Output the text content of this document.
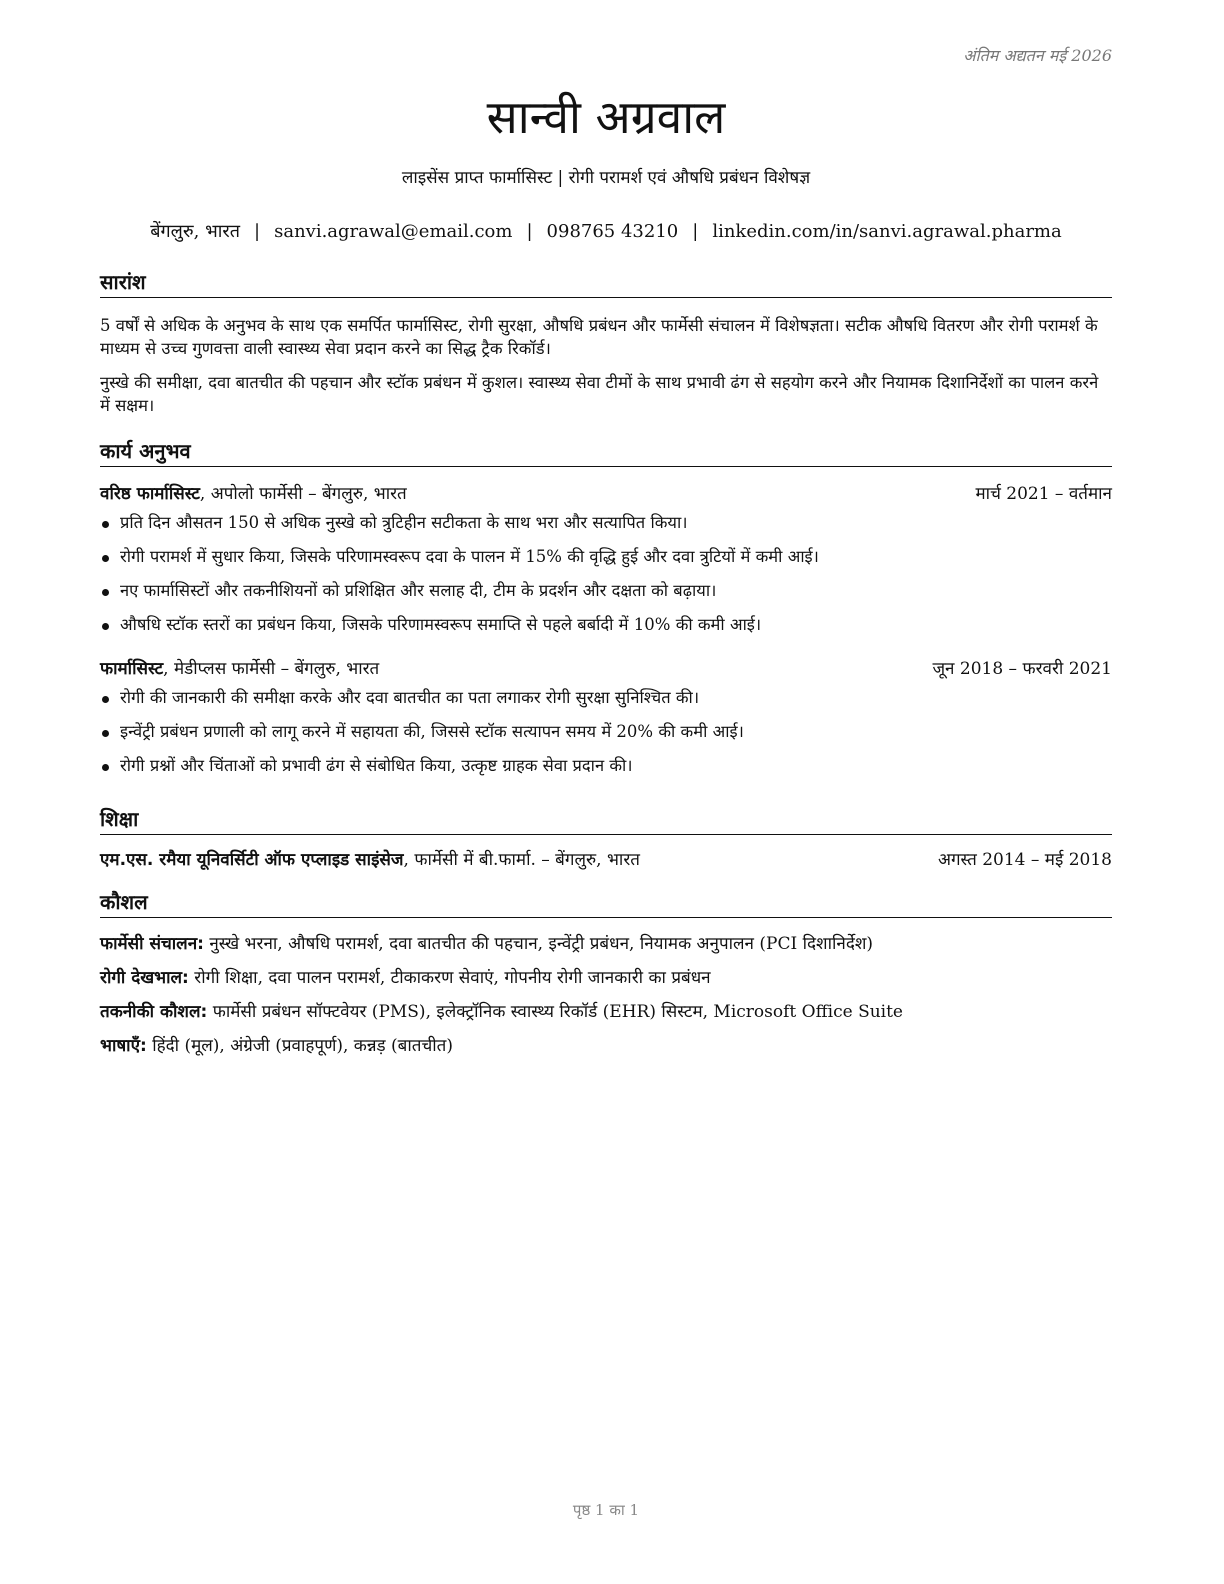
अंतिम अद्यतन मई 2026
सान्वी अग्रवाल
लाइसेंस प्राप्त फार्मासिस्ट | रोगी परामर्श एवं औषधि प्रबंधन विशेषज्ञ
बेंगलुरु, भारत | sanvi.agrawal@email.com | 098765 43210 | linkedin.com/in/sanvi.agrawal.pharma
सारांश

5 वर्षों से अधिक के अनुभव के साथ एक समर्पित फार्मासिस्ट, रोगी सुरक्षा, औषधि प्रबंधन और फार्मेसी संचालन में विशेषज्ञता। सटीक औषधि वितरण और रोगी परामर्श के माध्यम से उच्च गुणवत्ता वाली स्वास्थ्य सेवा प्रदान करने का सिद्ध ट्रैक रिकॉर्ड।

नुस्खे की समीक्षा, दवा बातचीत की पहचान और स्टॉक प्रबंधन में कुशल। स्वास्थ्य सेवा टीमों के साथ प्रभावी ढंग से सहयोग करने और नियामक दिशानिर्देशों का पालन करने में सक्षम।

कार्य अनुभव
वरिष्ठ फार्मासिस्ट, अपोलो फार्मेसी – बेंगलुरु, भारत	मार्च 2021 – वर्तमान
प्रति दिन औसतन 150 से अधिक नुस्खे को त्रुटिहीन सटीकता के साथ भरा और सत्यापित किया।
रोगी परामर्श में सुधार किया, जिसके परिणामस्वरूप दवा के पालन में 15% की वृद्धि हुई और दवा त्रुटियों में कमी आई।
नए फार्मासिस्टों और तकनीशियनों को प्रशिक्षित और सलाह दी, टीम के प्रदर्शन और दक्षता को बढ़ाया।
औषधि स्टॉक स्तरों का प्रबंधन किया, जिसके परिणामस्वरूप समाप्ति से पहले बर्बादी में 10% की कमी आई।
फार्मासिस्ट, मेडीप्लस फार्मेसी – बेंगलुरु, भारत	जून 2018 – फरवरी 2021
रोगी की जानकारी की समीक्षा करके और दवा बातचीत का पता लगाकर रोगी सुरक्षा सुनिश्चित की।
इन्वेंट्री प्रबंधन प्रणाली को लागू करने में सहायता की, जिससे स्टॉक सत्यापन समय में 20% की कमी आई।
रोगी प्रश्नों और चिंताओं को प्रभावी ढंग से संबोधित किया, उत्कृष्ट ग्राहक सेवा प्रदान की।
शिक्षा
एम.एस. रमैया यूनिवर्सिटी ऑफ एप्लाइड साइंसेज, फार्मेसी में बी.फार्मा. – बेंगलुरु, भारत	अगस्त 2014 – मई 2018
कौशल
फार्मेसी संचालन: नुस्खे भरना, औषधि परामर्श, दवा बातचीत की पहचान, इन्वेंट्री प्रबंधन, नियामक अनुपालन (PCI दिशानिर्देश)
रोगी देखभाल: रोगी शिक्षा, दवा पालन परामर्श, टीकाकरण सेवाएं, गोपनीय रोगी जानकारी का प्रबंधन
तकनीकी कौशल: फार्मेसी प्रबंधन सॉफ्टवेयर (PMS), इलेक्ट्रॉनिक स्वास्थ्य रिकॉर्ड (EHR) सिस्टम, Microsoft Office Suite
भाषाएँ: हिंदी (मूल), अंग्रेजी (प्रवाहपूर्ण), कन्नड़ (बातचीत)
पृष्ठ 1 का 1
